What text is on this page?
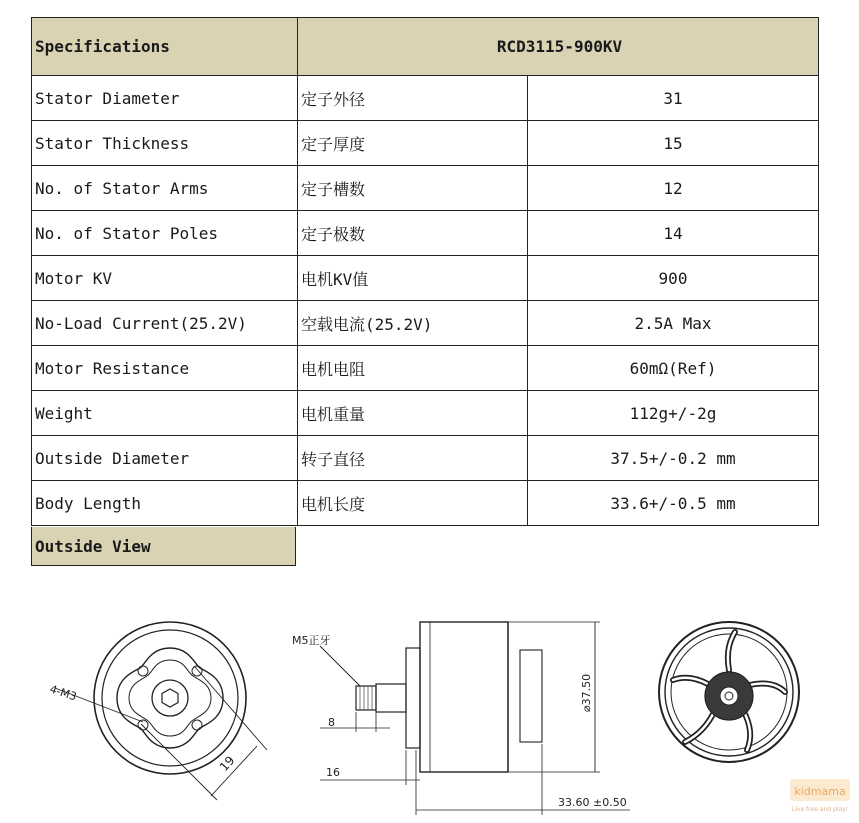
Specifications	RCD3115-900KV	
Stator Diameter	定子外径	31
Stator Thickness	定子厚度	15
No. of Stator Arms	定子槽数	12
No. of Stator Poles	定子极数	14
Motor KV	电机KV值	900
No-Load Current(25.2V)	空载电流(25.2V)	2.5A Max
Motor Resistance	电机电阻	60mΩ(Ref)
Weight	电机重量	112g+/-2g
Outside Diameter	转子直径	37.5+/-0.2 mm
Body Length	电机长度	33.6+/-0.5 mm
Outside View
4-M3
19
M5正牙
⌀37.50
8
16
33.60 ±0.50
kidmama
Live free and play!
